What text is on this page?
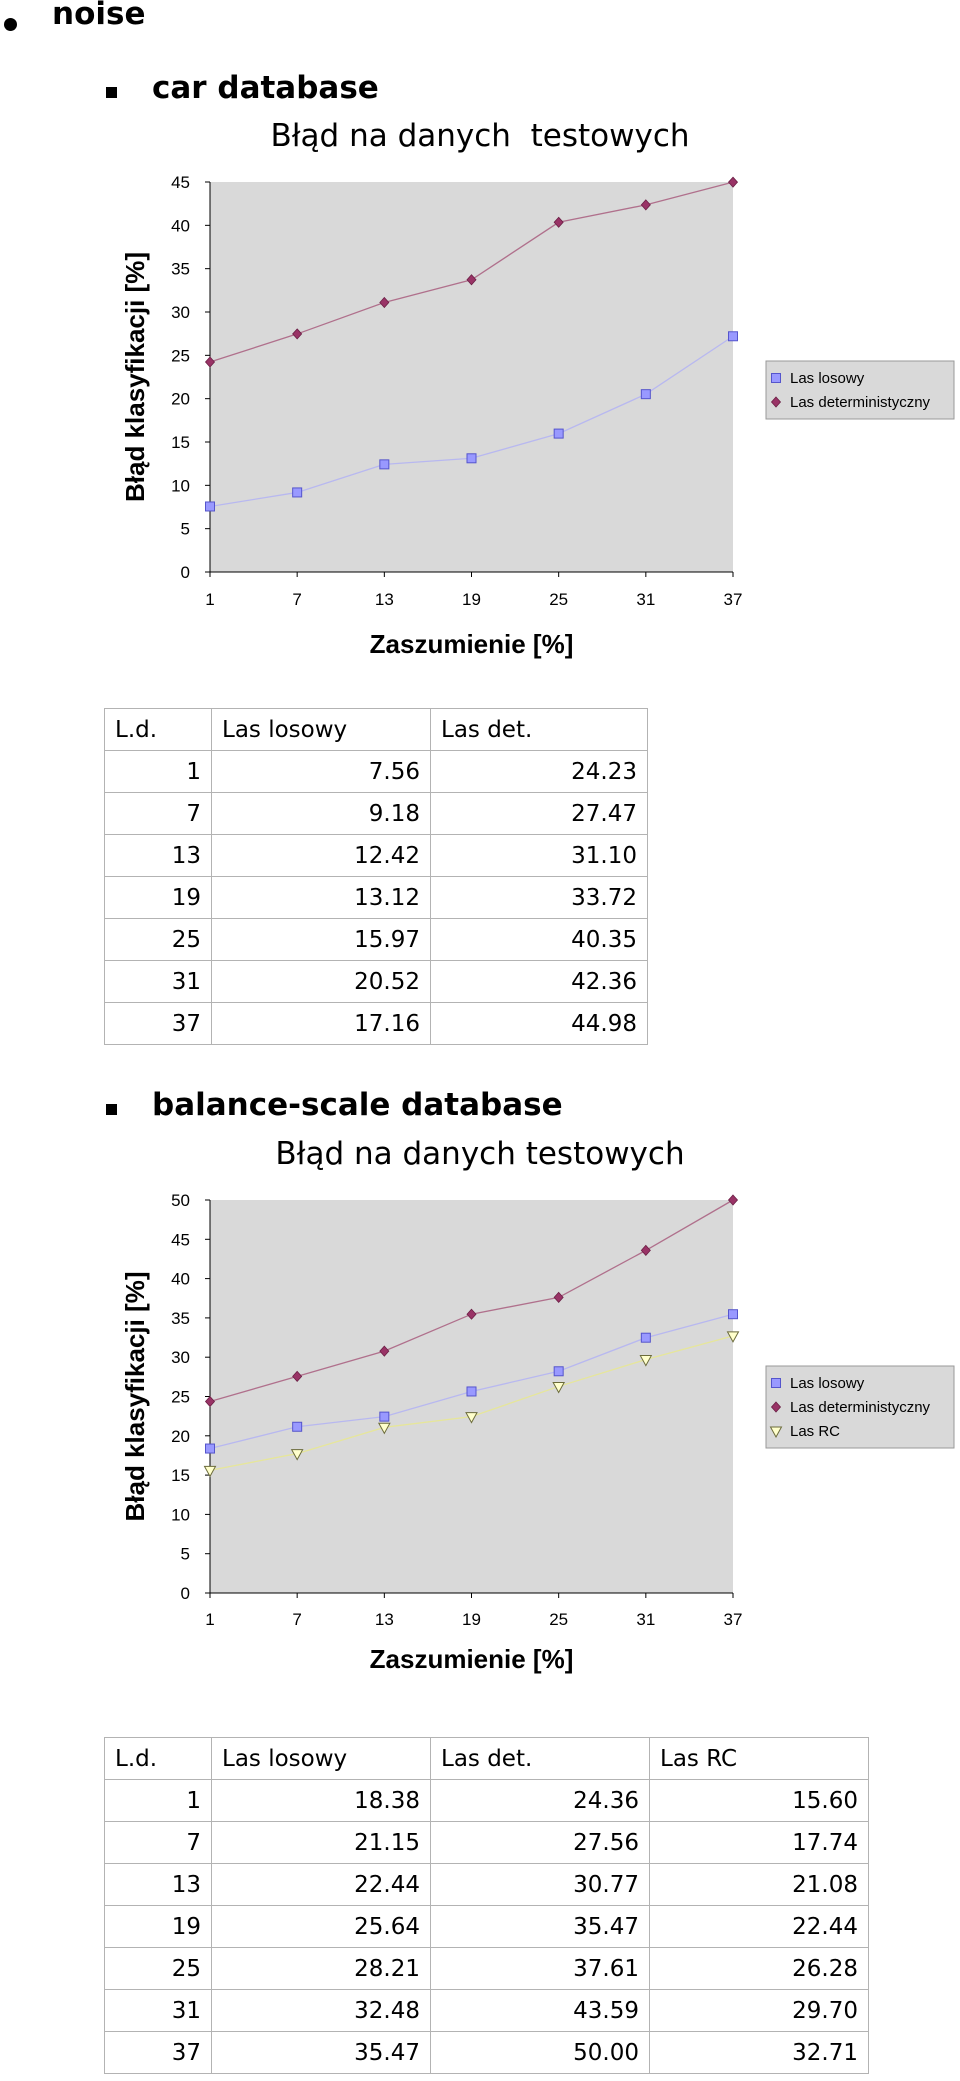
noise
car database
Błąd na danych  testowych
0
5
10
15
20
25
30
35
40
45
1	7	13	19	25	31	37
Zaszumienie [%]
Błąd klasyfikacji [%]	Las losowy
Las deterministyczny
L.d.	Las losowy	Las det.
1	7.56	24.23
7	9.18	27.47
13	12.42	31.10
19	13.12	33.72
25	15.97	40.35
31	20.52	42.36
37	17.16	44.98
balance-scale database
Błąd na danych testowych
0
5
10
15
20
25
30
35
40
45
50
1	7	13	19	25	31	37
Zaszumienie [%]
Błąd klasyfikacji [%]	Las losowy
Las deterministyczny
Las RC
L.d.	Las losowy	Las det.	Las RC
1	18.38	24.36	15.60
7	21.15	27.56	17.74
13	22.44	30.77	21.08
19	25.64	35.47	22.44
25	28.21	37.61	26.28
31	32.48	43.59	29.70
37	35.47	50.00	32.71
